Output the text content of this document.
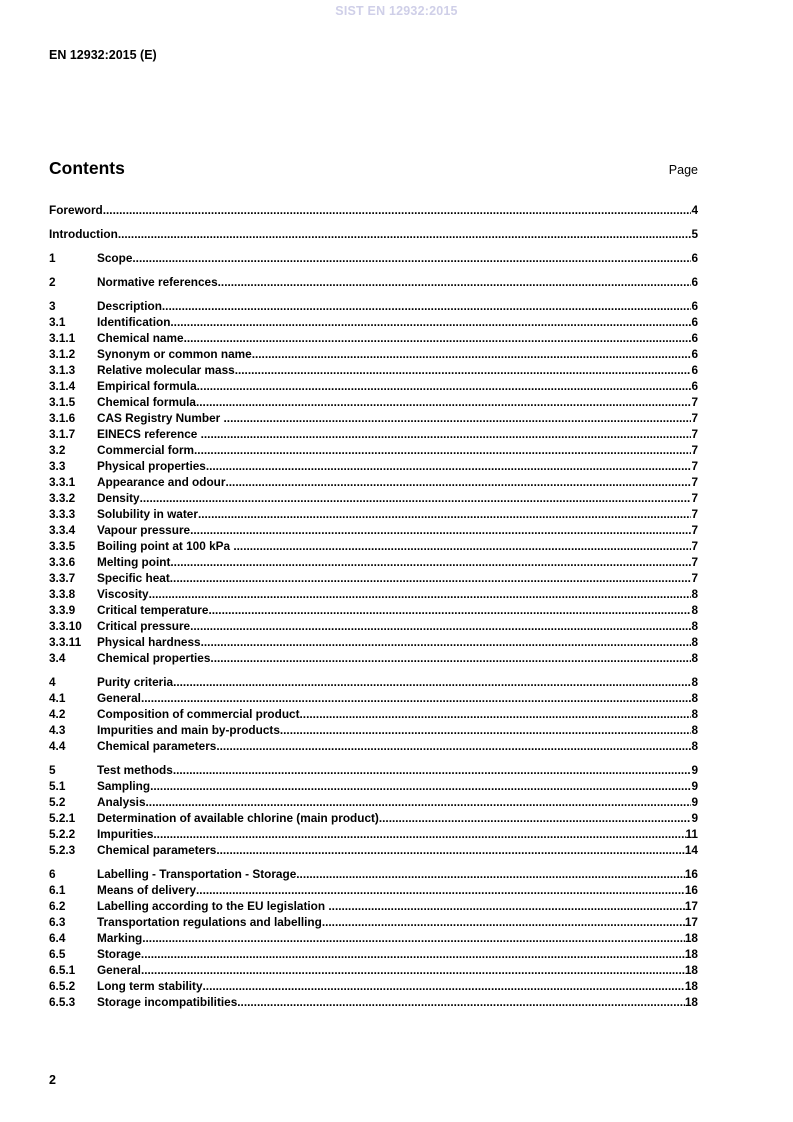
SIST EN 12932:2015
EN 12932:2015 (E)
Contents	Page
Foreword .....	4
Introduction .....	5
1	Scope .....	6
2	Normative references .....	6
3	Description .....	6
3.1	Identification .....	6
3.1.1	Chemical name .....	6
3.1.2	Synonym or common name .....	6
3.1.3	Relative molecular mass .....	6
3.1.4	Empirical formula .....	6
3.1.5	Chemical formula .....	7
3.1.6	CAS Registry Number .....	7
3.1.7	EINECS reference .....	7
3.2	Commercial form .....	7
3.3	Physical properties .....	7
3.3.1	Appearance and odour .....	7
3.3.2	Density .....	7
3.3.3	Solubility in water .....	7
3.3.4	Vapour pressure .....	7
3.3.5	Boiling point at 100 kPa .....	7
3.3.6	Melting point .....	7
3.3.7	Specific heat .....	7
3.3.8	Viscosity .....	8
3.3.9	Critical temperature .....	8
3.3.10	Critical pressure .....	8
3.3.11	Physical hardness .....	8
3.4	Chemical properties .....	8
4	Purity criteria .....	8
4.1	General .....	8
4.2	Composition of commercial product .....	8
4.3	Impurities and main by-products .....	8
4.4	Chemical parameters .....	8
5	Test methods .....	9
5.1	Sampling .....	9
5.2	Analysis .....	9
5.2.1	Determination of available chlorine (main product) .....	9
5.2.2	Impurities .....	11
5.2.3	Chemical parameters .....	14
6	Labelling - Transportation - Storage .....	16
6.1	Means of delivery .....	16
6.2	Labelling according to the EU legislation .....	17
6.3	Transportation regulations and labelling .....	17
6.4	Marking .....	18
6.5	Storage .....	18
6.5.1	General .....	18
6.5.2	Long term stability .....	18
6.5.3	Storage incompatibilities .....	18
2
